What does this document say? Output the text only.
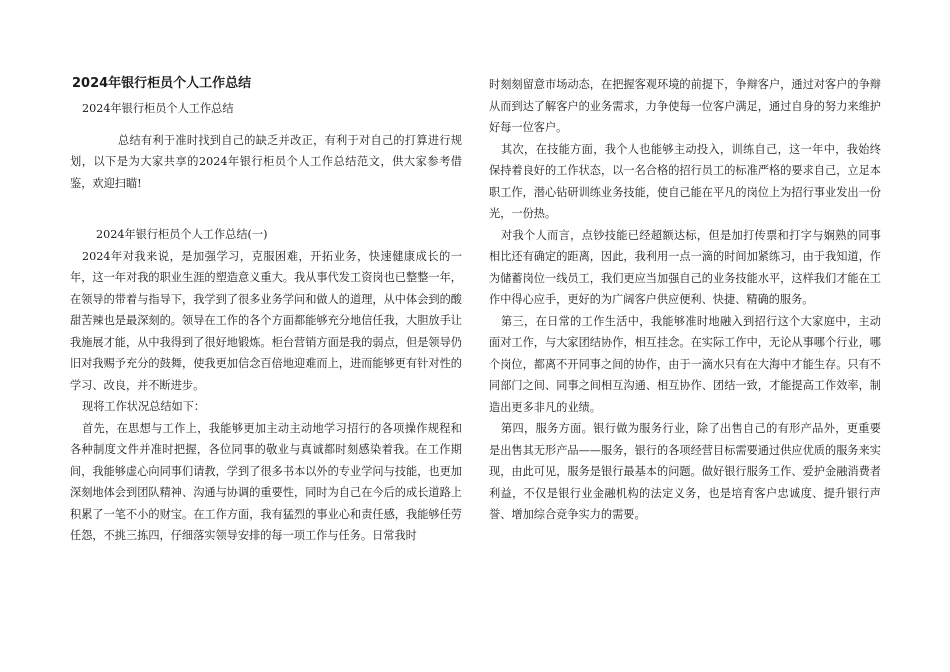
2024年银行柜员个人工作总结

2024年银行柜员个人工作总结

总结有利于准时找到自己的缺乏并改正，有利于对自己的打算进行规划，以下是为大家共享的2024年银行柜员个人工作总结范文，供大家参考借鉴，欢迎扫瞄!

2024年银行柜员个人工作总结(一)

2024年对我来说，是加强学习，克服困难，开拓业务，快速健康成长的一年，这一年对我的职业生涯的塑造意义重大。我从事代发工资岗也已整整一年，在领导的带着与指导下，我学到了很多业务学问和做人的道理，从中体会到的酸甜苦辣也是最深刻的。领导在工作的各个方面都能够充分地信任我，大胆放手让我施展才能，从中我得到了很好地锻炼。柜台营销方面是我的弱点，但是领导仍旧对我赐予充分的鼓舞，使我更加信念百倍地迎难而上，进而能够更有针对性的学习、改良，并不断进步。

现将工作状况总结如下：

首先，在思想与工作上，我能够更加主动主动地学习招行的各项操作规程和各种制度文件并准时把握，各位同事的敬业与真诚都时刻感染着我。在工作期间，我能够虚心向同事们请教，学到了很多书本以外的专业学问与技能，也更加深刻地体会到团队精神、沟通与协调的重要性，同时为自己在今后的成长道路上积累了一笔不小的财宝。在工作方面，我有猛烈的事业心和责任感，我能够任劳任怨，不挑三拣四，仔细落实领导安排的每一项工作与任务。日常我时

时刻刻留意市场动态，在把握客观环境的前提下，争辩客户，通过对客户的争辩从而到达了解客户的业务需求，力争使每一位客户满足，通过自身的努力来维护好每一位客户。

其次，在技能方面，我个人也能够主动投入，训练自己，这一年中，我始终保持着良好的工作状态，以一名合格的招行员工的标准严格的要求自己，立足本职工作，潜心钻研训练业务技能，使自己能在平凡的岗位上为招行事业发出一份光，一份热。

对我个人而言，点钞技能已经超额达标，但是加打传票和打字与娴熟的同事相比还有确定的距离，因此，我利用一点一滴的时间加紧练习，由于我知道，作为储蓄岗位一线员工，我们更应当加强自己的业务技能水平，这样我们才能在工作中得心应手，更好的为广阔客户供应便利、快捷、精确的服务。

第三，在日常的工作生活中，我能够准时地融入到招行这个大家庭中，主动面对工作，与大家团结协作，相互挂念。在实际工作中，无论从事哪个行业，哪个岗位，都离不开同事之间的协作，由于一滴水只有在大海中才能生存。只有不同部门之间、同事之间相互沟通、相互协作、团结一致，才能提高工作效率，制造出更多非凡的业绩。

第四，服务方面。银行做为服务行业，除了出售自己的有形产品外，更重要是出售其无形产品——服务，银行的各项经营目标需要通过供应优质的服务来实现，由此可见，服务是银行最基本的问题。做好银行服务工作、爱护金融消费者利益，不仅是银行业金融机构的法定义务，也是培育客户忠诚度、提升银行声誉、增加综合竞争实力的需要。
